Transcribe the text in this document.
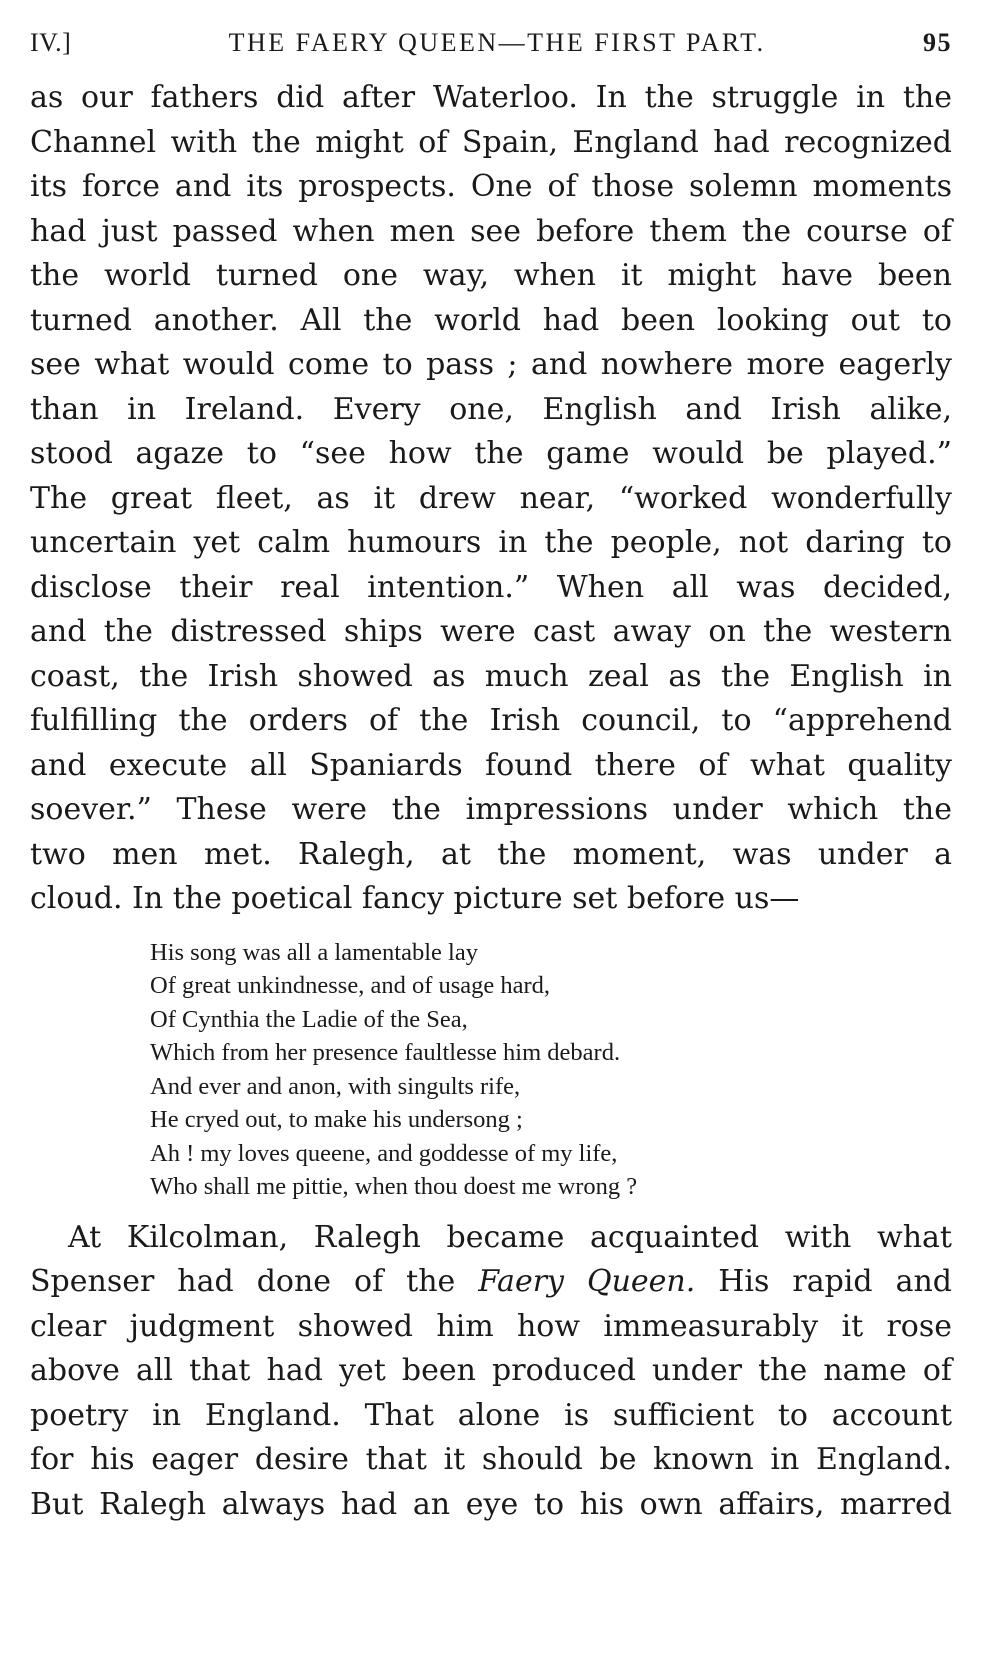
IV.]	THE FAERY QUEEN—THE FIRST PART.	95
as our fathers did after Waterloo. In the struggle in the
Channel with the might of Spain, England had recognized
its force and its prospects. One of those solemn moments
had just passed when men see before them the course of
the world turned one way, when it might have been
turned another. All the world had been looking out to
see what would come to pass ; and nowhere more eagerly
than in Ireland. Every one, English and Irish alike,
stood agaze to “see how the game would be played.”
The great fleet, as it drew near, “worked wonderfully
uncertain yet calm humours in the people, not daring to
disclose their real intention.” When all was decided,
and the distressed ships were cast away on the western
coast, the Irish showed as much zeal as the English in
fulfilling the orders of the Irish council, to “apprehend
and execute all Spaniards found there of what quality
soever.” These were the impressions under which the
two men met. Ralegh, at the moment, was under a
cloud. In the poetical fancy picture set before us—
His song was all a lamentable lay
Of great unkindnesse, and of usage hard,
Of Cynthia the Ladie of the Sea,
Which from her presence faultlesse him debard.
And ever and anon, with singults rife,
He cryed out, to make his undersong ;
Ah ! my loves queene, and goddesse of my life,
Who shall me pittie, when thou doest me wrong ?
At Kilcolman, Ralegh became acquainted with what
Spenser had done of the Faery Queen. His rapid and
clear judgment showed him how immeasurably it rose
above all that had yet been produced under the name of
poetry in England. That alone is sufficient to account
for his eager desire that it should be known in England.
But Ralegh always had an eye to his own affairs, marred
